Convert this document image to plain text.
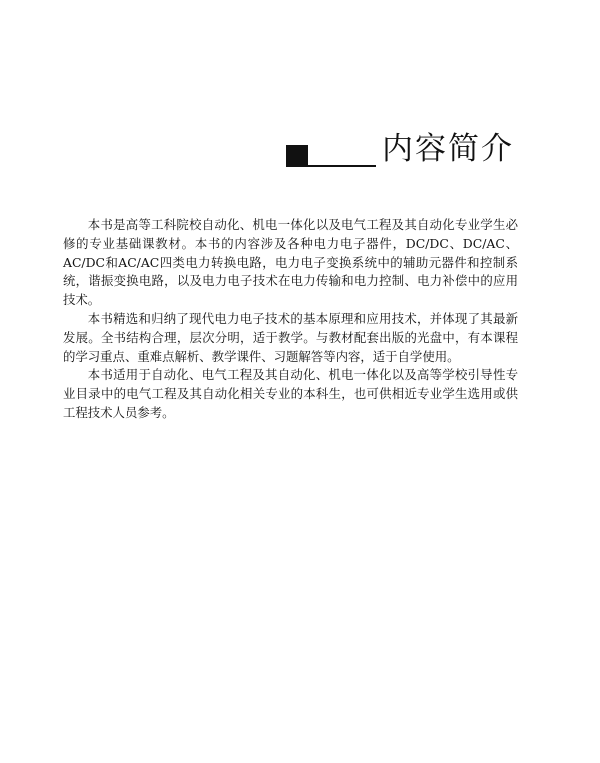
内容简介

本书是高等工科院校自动化、机电一体化以及电气工程及其自动化专业学生必修的专业基础课教材。本书的内容涉及各种电力电子器件，DC/DC、DC/AC、AC/DC和AC/AC四类电力转换电路，电力电子变换系统中的辅助元器件和控制系统，谐振变换电路，以及电力电子技术在电力传输和电力控制、电力补偿中的应用技术。

本书精选和归纳了现代电力电子技术的基本原理和应用技术，并体现了其最新发展。全书结构合理，层次分明，适于教学。与教材配套出版的光盘中，有本课程的学习重点、重难点解析、教学课件、习题解答等内容，适于自学使用。

本书适用于自动化、电气工程及其自动化、机电一体化以及高等学校引导性专业目录中的电气工程及其自动化相关专业的本科生，也可供相近专业学生选用或供工程技术人员参考。
